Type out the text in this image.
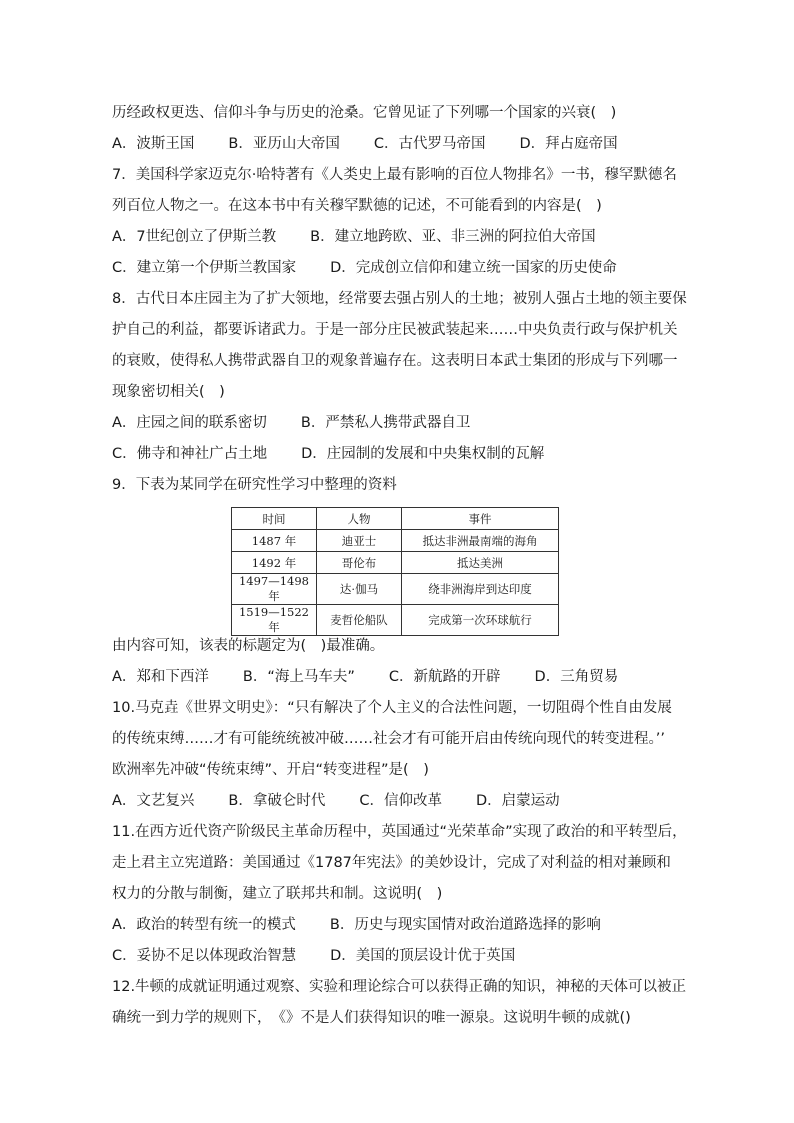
历经政权更迭、信仰斗争与历史的沧桑。它曾见证了下列哪一个国家的兴衰(　)
A．波斯王国 B．亚历山大帝国 C．古代罗马帝国 D．拜占庭帝国
7．美国科学家迈克尔·哈特著有《人类史上最有影响的百位人物排名》一书，穆罕默德名
列百位人物之一。在这本书中有关穆罕默德的记述，不可能看到的内容是(　)
A．7世纪创立了伊斯兰教 B．建立地跨欧、亚、非三洲的阿拉伯大帝国
C．建立第一个伊斯兰教国家 D．完成创立信仰和建立统一国家的历史使命
8．古代日本庄园主为了扩大领地，经常要去强占别人的土地；被别人强占土地的领主要保
护自己的利益，都要诉诸武力。于是一部分庄民被武装起来……中央负责行政与保护机关
的衰败，使得私人携带武器自卫的观象普遍存在。这表明日本武士集团的形成与下列哪一
现象密切相关(　)
A．庄园之间的联系密切 B．严禁私人携带武器自卫
C．佛寺和神社广占土地 D．庄园制的发展和中央集权制的瓦解
9．下表为某同学在研究性学习中整理的资料
时间	人物	事件
1487 年	迪亚士	抵达非洲最南端的海角
1492 年	哥伦布	抵达美洲
1497—1498 年	达·伽马	绕非洲海岸到达印度
1519—1522 年	麦哲伦船队	完成第一次环球航行
由内容可知，该表的标题定为(　)最准确。
A．郑和下西洋 B．“海上马车夫” C．新航路的开辟 D．三角贸易
10.马克垚《世界文明史》：“只有解决了个人主义的合法性问题，一切阻碍个性自由发展
的传统束缚……才有可能统统被冲破……社会才有可能开启由传统向现代的转变进程。’’
欧洲率先冲破“传统束缚”、开启“转变进程”是(　)
A．文艺复兴 B．拿破仑时代 C．信仰改革 D．启蒙运动
11.在西方近代资产阶级民主革命历程中，英国通过“光荣革命”实现了政治的和平转型后，
走上君主立宪道路：美国通过《1787年宪法》的美妙设计，完成了对利益的相对兼顾和
权力的分散与制衡，建立了联邦共和制。这说明(　)
A．政治的转型有统一的模式 B．历史与现实国情对政治道路选择的影响
C．妥协不足以体现政治智慧 D．美国的顶层设计优于英国
12.牛顿的成就证明通过观察、实验和理论综合可以获得正确的知识，神秘的天体可以被正
确统一到力学的规则下，　《》不是人们获得知识的唯一源泉。这说明牛顿的成就()
